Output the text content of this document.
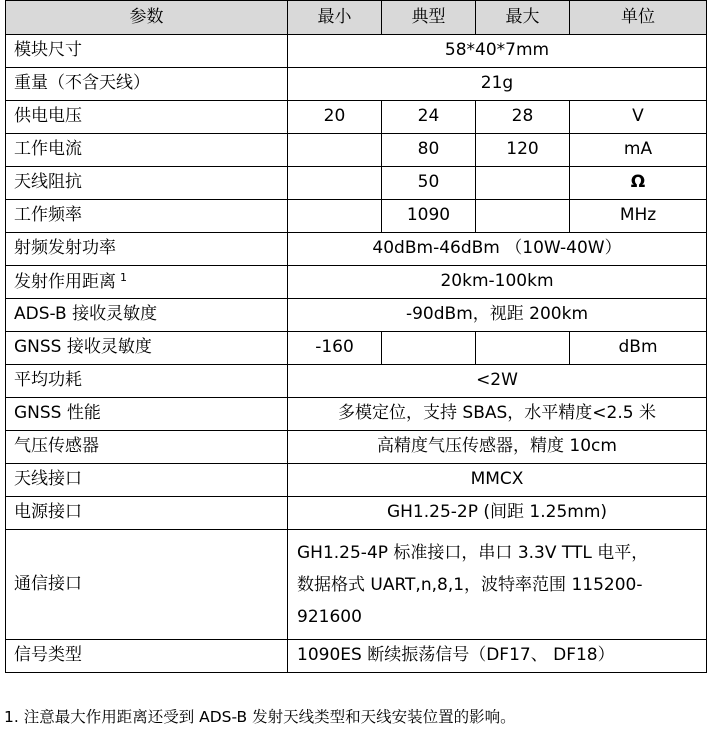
参数	最小	典型	最大	单位
模块尺寸	58*40*7mm			
重量（不含天线）	21g			
供电电压	20	24	28	V
工作电流		80	120	mA
天线阻抗		50		Ω
工作频率		1090		MHz
射频发射功率	40dBm-46dBm （10W-40W）			
发射作用距离 $^1$	20km-100km			
ADS-B 接收灵敏度	-90dBm，视距 200km			
GNSS 接收灵敏度	-160			dBm
平均功耗	<2W			
GNSS 性能	多模定位，支持 SBAS，水平精度<2.5 米			
气压传感器	高精度气压传感器，精度 10cm			
天线接口	MMCX			
电源接口	GH1.25-2P (间距 1.25mm)			
通信接口	GH1.25-4P 标准接口，串口 3.3V TTL 电平，
数据格式 UART,n,8,1，波特率范围 115200-
921600			

信号类型	1090ES 断续振荡信号（DF17、 DF18）			
1. 注意最大作用距离还受到 ADS-B 发射天线类型和天线安装位置的影响。
